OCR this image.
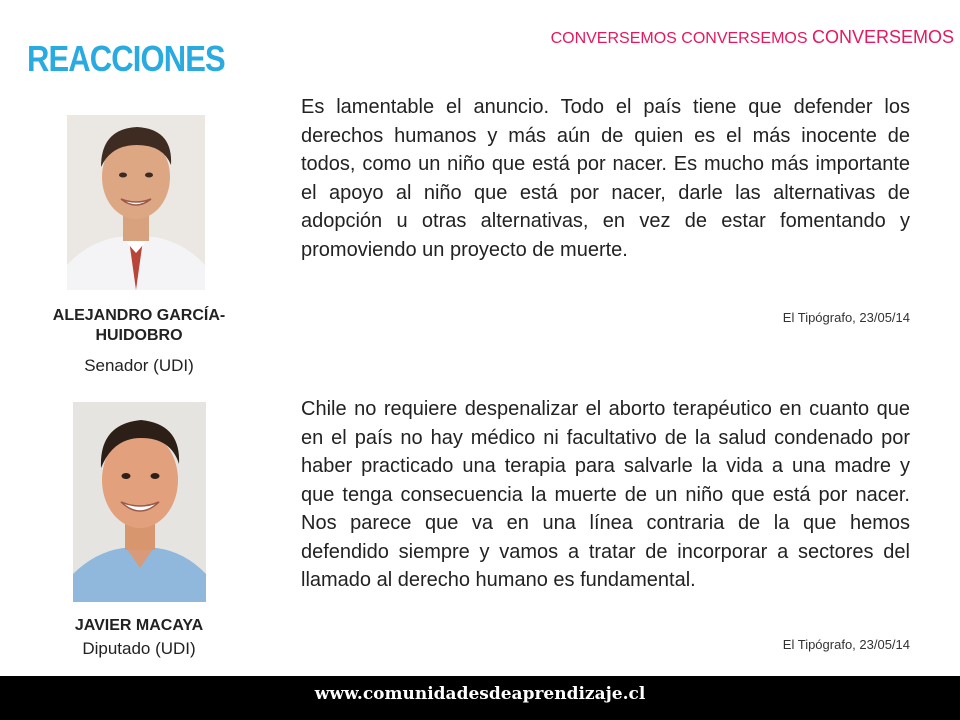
REACCIONES	CONVERSEMOS CONVERSEMOS CONVERSEMOS
ALEJANDRO GARCÍA-
HUIDOBRO
Senador (UDI)
Es lamentable el anuncio. Todo el país tiene que defender los derechos humanos y más aún de quien es el más inocente de todos, como un niño que está por nacer. Es mucho más importante el apoyo al niño que está por nacer, darle las alternativas de adopción u otras alternativas, en vez de estar fomentando y promoviendo un proyecto de muerte.
El Tipógrafo, 23/05/14
JAVIER MACAYA
Diputado (UDI)
Chile no requiere despenalizar el aborto terapéutico en cuanto que en el país no hay médico ni facultativo de la salud condenado por haber practicado una terapia para salvarle la vida a una madre y que tenga consecuencia la muerte de un niño que está por nacer. Nos parece que va en una línea contraria de la que hemos defendido siempre y vamos a tratar de incorporar a sectores del llamado al derecho humano es fundamental.
El Tipógrafo, 23/05/14
www.comunidadesdeaprendizaje.cl
